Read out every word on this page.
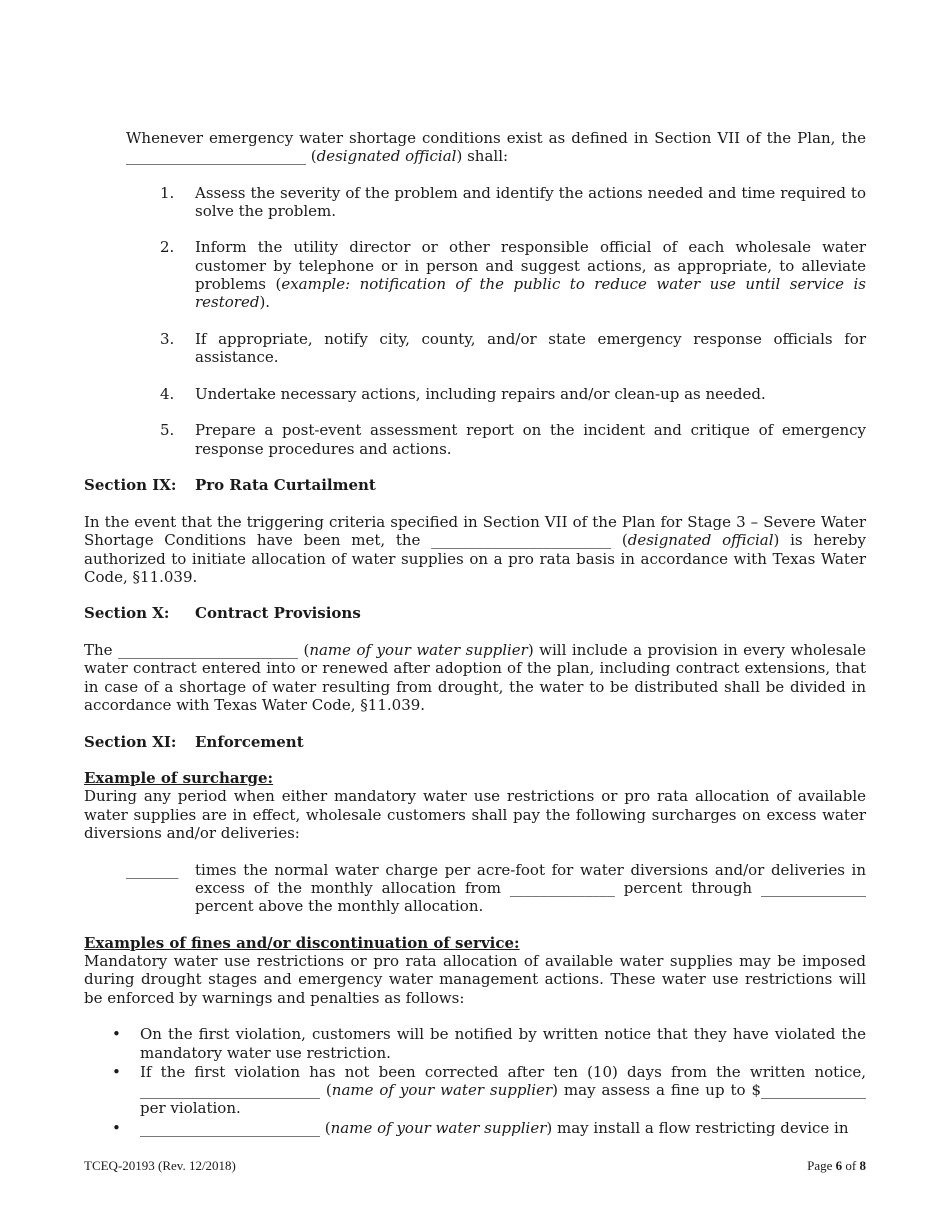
Whenever emergency water shortage conditions exist as defined in Section VII of the Plan, the ________________________ (designated official) shall:

1. Assess the severity of the problem and identify the actions needed and time required to solve the problem.
2. Inform the utility director or other responsible official of each wholesale water customer by telephone or in person and suggest actions, as appropriate, to alleviate problems (example: notification of the public to reduce water use until service is restored).
3. If appropriate, notify city, county, and/or state emergency response officials for assistance.
4. Undertake necessary actions, including repairs and/or clean-up as needed.
5. Prepare a post-event assessment report on the incident and critique of emergency response procedures and actions.

Section IX: Pro Rata Curtailment

In the event that the triggering criteria specified in Section VII of the Plan for Stage 3 – Severe Water Shortage Conditions have been met, the ________________________ (designated official) is hereby authorized to initiate allocation of water supplies on a pro rata basis in accordance with Texas Water Code, §11.039.

Section X: Contract Provisions

The ________________________ (name of your water supplier) will include a provision in every wholesale water contract entered into or renewed after adoption of the plan, including contract extensions, that in case of a shortage of water resulting from drought, the water to be distributed shall be divided in accordance with Texas Water Code, §11.039.

Section XI: Enforcement

Example of surcharge:

During any period when either mandatory water use restrictions or pro rata allocation of available water supplies are in effect, wholesale customers shall pay the following surcharges on excess water diversions and/or deliveries:

_______ times the normal water charge per acre-foot for water diversions and/or deliveries in excess of the monthly allocation from ______________ percent through ______________ percent above the monthly allocation.

Examples of fines and/or discontinuation of service:

Mandatory water use restrictions or pro rata allocation of available water supplies may be imposed during drought stages and emergency water management actions. These water use restrictions will be enforced by warnings and penalties as follows:

• On the first violation, customers will be notified by written notice that they have violated the mandatory water use restriction.
• If the first violation has not been corrected after ten (10) days from the written notice, ________________________ (name of your water supplier) may assess a fine up to $______________ per violation.
• ________________________ (name of your water supplier) may install a flow restricting device in
TCEQ-20193 (Rev. 12/2018)	Page 6 of 8
